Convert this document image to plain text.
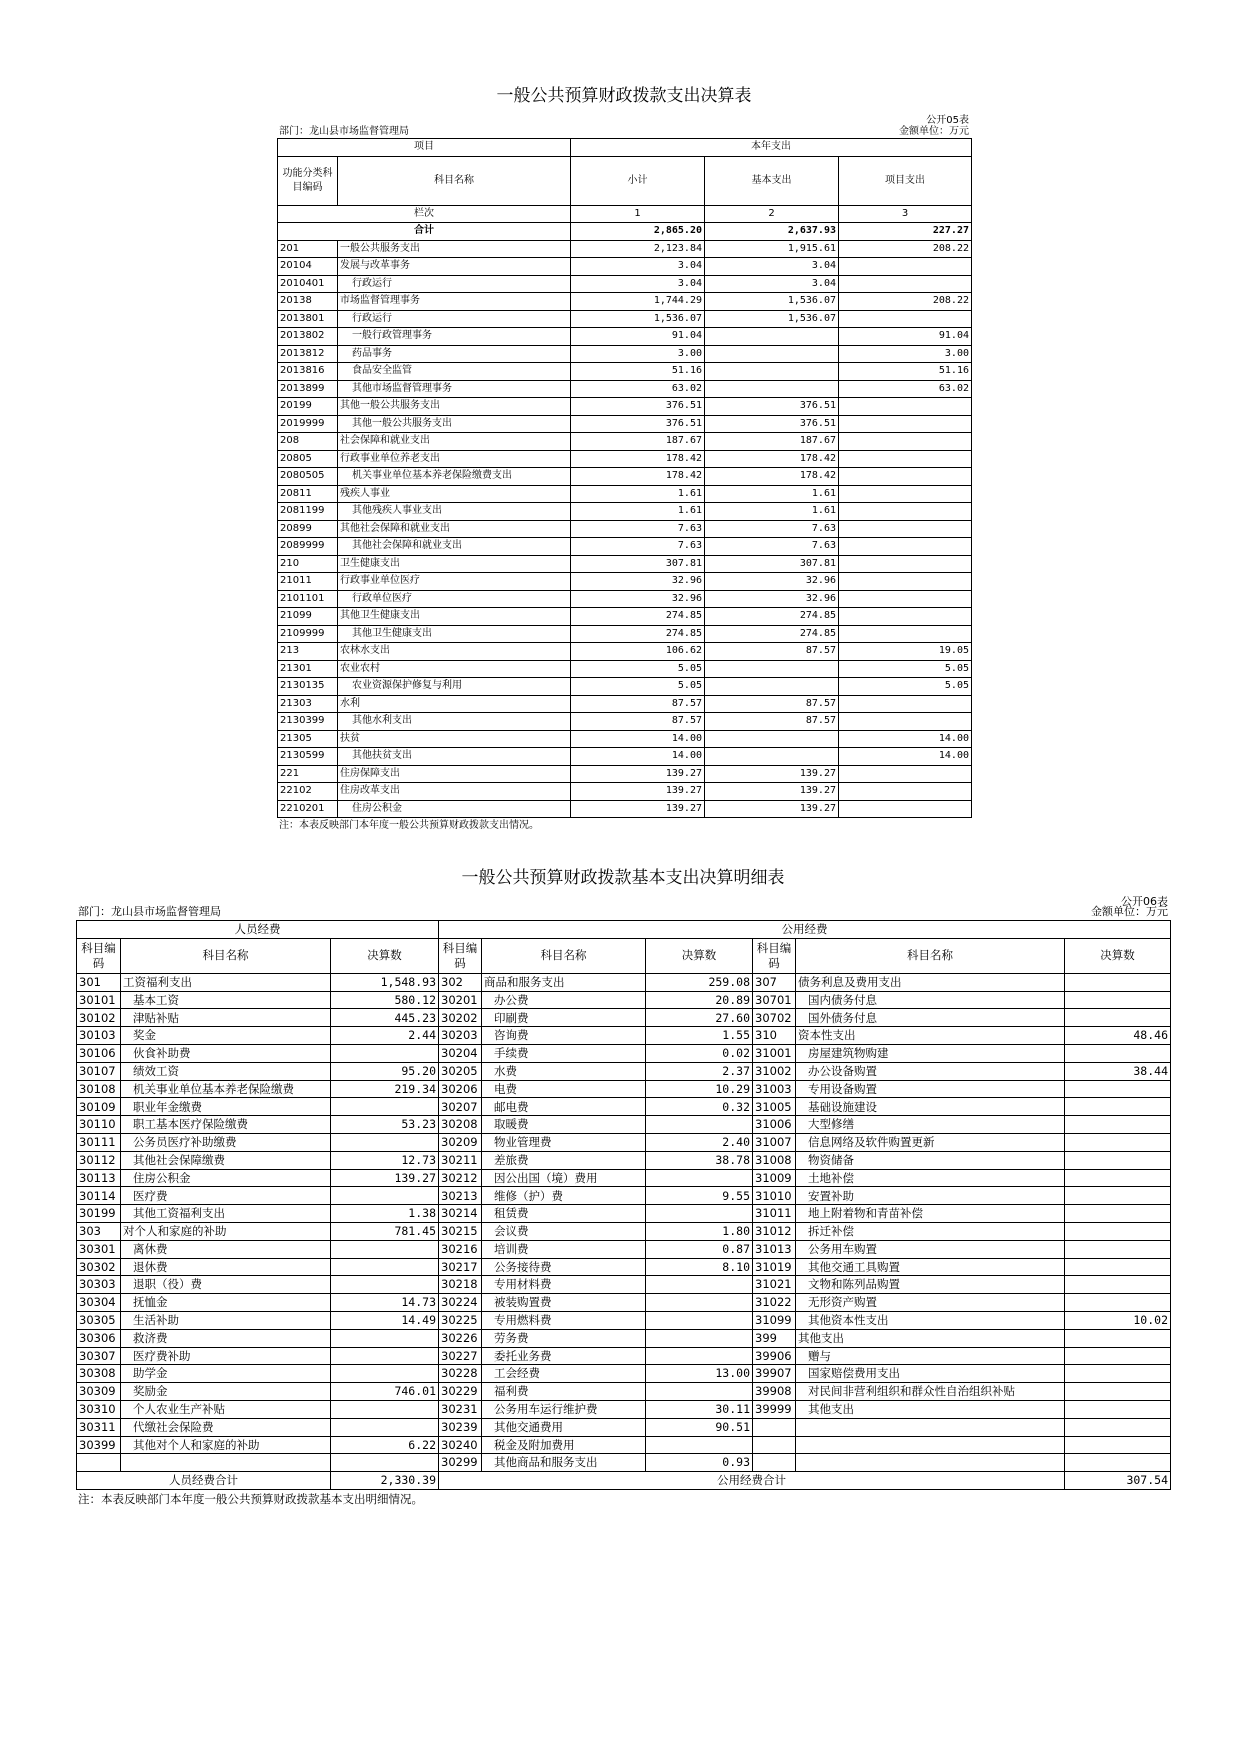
一般公共预算财政拨款支出决算表
部门：龙山县市场监督管理局
公开05表
金额单位：万元
项目		本年支出		
功能分类科目编码	科目名称	小计	基本支出	项目支出
栏次		1	2	3
合计		2,865.20	2,637.93	227.27
201	一般公共服务支出	2,123.84	1,915.61	208.22
20104	发展与改革事务	3.04	3.04	
2010401	行政运行	3.04	3.04	
20138	市场监督管理事务	1,744.29	1,536.07	208.22
2013801	行政运行	1,536.07	1,536.07	
2013802	一般行政管理事务	91.04		91.04
2013812	药品事务	3.00		3.00
2013816	食品安全监管	51.16		51.16
2013899	其他市场监督管理事务	63.02		63.02
20199	其他一般公共服务支出	376.51	376.51	
2019999	其他一般公共服务支出	376.51	376.51	
208	社会保障和就业支出	187.67	187.67	
20805	行政事业单位养老支出	178.42	178.42	
2080505	机关事业单位基本养老保险缴费支出	178.42	178.42	
20811	残疾人事业	1.61	1.61	
2081199	其他残疾人事业支出	1.61	1.61	
20899	其他社会保障和就业支出	7.63	7.63	
2089999	其他社会保障和就业支出	7.63	7.63	
210	卫生健康支出	307.81	307.81	
21011	行政事业单位医疗	32.96	32.96	
2101101	行政单位医疗	32.96	32.96	
21099	其他卫生健康支出	274.85	274.85	
2109999	其他卫生健康支出	274.85	274.85	
213	农林水支出	106.62	87.57	19.05
21301	农业农村	5.05		5.05
2130135	农业资源保护修复与利用	5.05		5.05
21303	水利	87.57	87.57	
2130399	其他水利支出	87.57	87.57	
21305	扶贫	14.00		14.00
2130599	其他扶贫支出	14.00		14.00
221	住房保障支出	139.27	139.27	
22102	住房改革支出	139.27	139.27	
2210201	住房公积金	139.27	139.27	
注：本表反映部门本年度一般公共预算财政拨款支出情况。
一般公共预算财政拨款基本支出决算明细表
部门：龙山县市场监督管理局
公开06表
金额单位：万元
人员经费			公用经费					
科目编码	科目名称	决算数	科目编码	科目名称	决算数	科目编码	科目名称	决算数
301	工资福利支出	1,548.93	302	商品和服务支出	259.08	307	债务利息及费用支出	
30101	基本工资	580.12	30201	办公费	20.89	30701	国内债务付息	
30102	津贴补贴	445.23	30202	印刷费	27.60	30702	国外债务付息	
30103	奖金	2.44	30203	咨询费	1.55	310	资本性支出	48.46
30106	伙食补助费		30204	手续费	0.02	31001	房屋建筑物购建	
30107	绩效工资	95.20	30205	水费	2.37	31002	办公设备购置	38.44
30108	机关事业单位基本养老保险缴费	219.34	30206	电费	10.29	31003	专用设备购置	
30109	职业年金缴费		30207	邮电费	0.32	31005	基础设施建设	
30110	职工基本医疗保险缴费	53.23	30208	取暖费		31006	大型修缮	
30111	公务员医疗补助缴费		30209	物业管理费	2.40	31007	信息网络及软件购置更新	
30112	其他社会保障缴费	12.73	30211	差旅费	38.78	31008	物资储备	
30113	住房公积金	139.27	30212	因公出国（境）费用		31009	土地补偿	
30114	医疗费		30213	维修（护）费	9.55	31010	安置补助	
30199	其他工资福利支出	1.38	30214	租赁费		31011	地上附着物和青苗补偿	
303	对个人和家庭的补助	781.45	30215	会议费	1.80	31012	拆迁补偿	
30301	离休费		30216	培训费	0.87	31013	公务用车购置	
30302	退休费		30217	公务接待费	8.10	31019	其他交通工具购置	
30303	退职（役）费		30218	专用材料费		31021	文物和陈列品购置	
30304	抚恤金	14.73	30224	被装购置费		31022	无形资产购置	
30305	生活补助	14.49	30225	专用燃料费		31099	其他资本性支出	10.02
30306	救济费		30226	劳务费		399	其他支出	
30307	医疗费补助		30227	委托业务费		39906	赠与	
30308	助学金		30228	工会经费	13.00	39907	国家赔偿费用支出	
30309	奖励金	746.01	30229	福利费		39908	对民间非营利组织和群众性自治组织补贴	
30310	个人农业生产补贴		30231	公务用车运行维护费	30.11	39999	其他支出	
30311	代缴社会保险费		30239	其他交通费用	90.51			
30399	其他对个人和家庭的补助	6.22	30240	税金及附加费用				
			30299	其他商品和服务支出	0.93			
人员经费合计		2,330.39	公用经费合计					307.54
注：本表反映部门本年度一般公共预算财政拨款基本支出明细情况。
